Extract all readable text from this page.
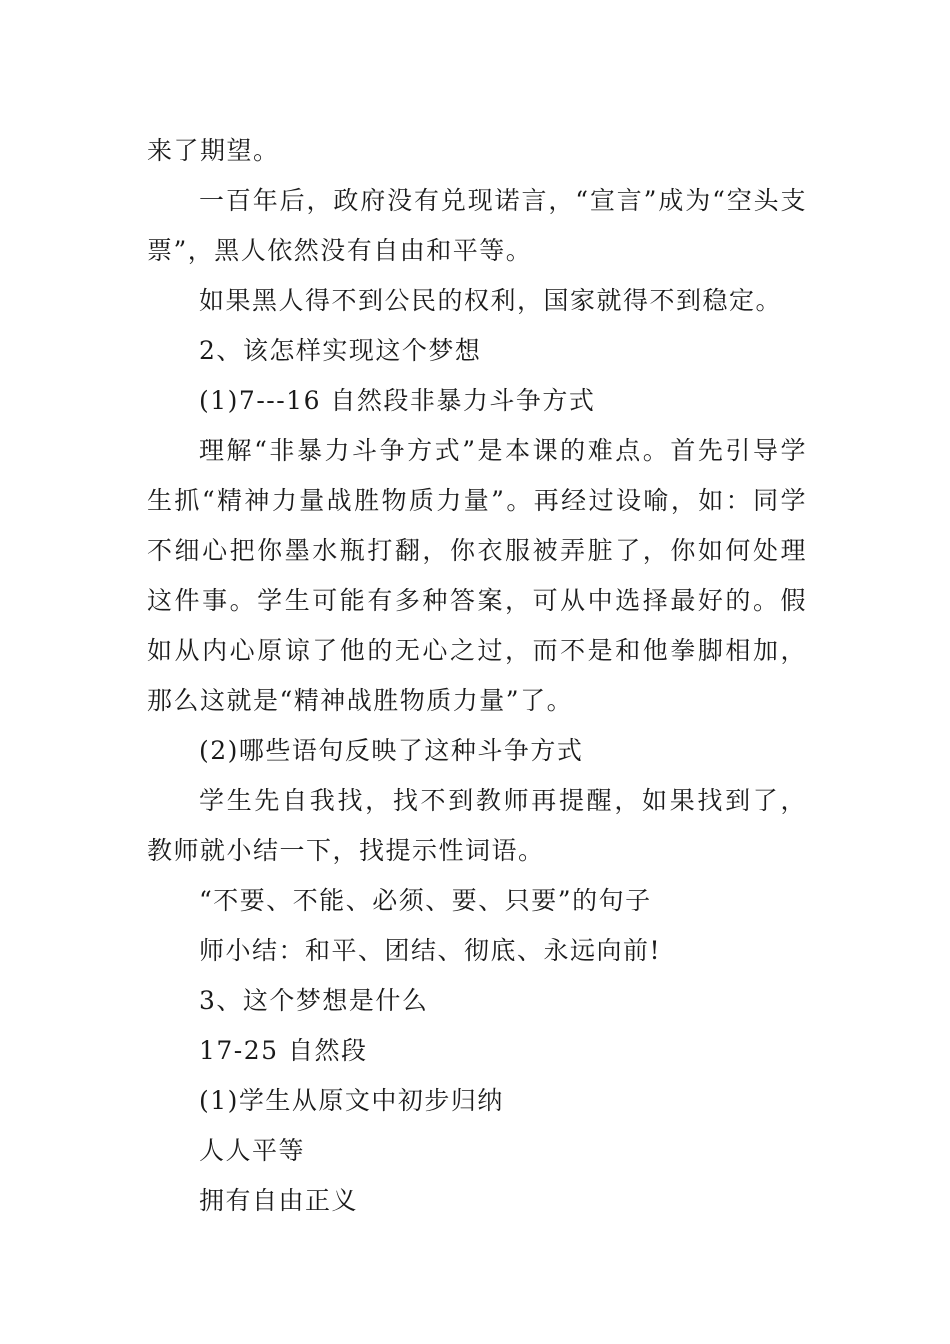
来了期望。

一百年后，政府没有兑现诺言，“宣言”成为“空头支票”，黑人依然没有自由和平等。

如果黑人得不到公民的权利，国家就得不到稳定。

2、该怎样实现这个梦想

(1)7---16 自然段非暴力斗争方式

理解“非暴力斗争方式”是本课的难点。首先引导学生抓“精神力量战胜物质力量”。再经过设喻，如：同学不细心把你墨水瓶打翻，你衣服被弄脏了，你如何处理这件事。学生可能有多种答案，可从中选择最好的。假如从内心原谅了他的无心之过，而不是和他拳脚相加，那么这就是“精神战胜物质力量”了。

(2)哪些语句反映了这种斗争方式

学生先自我找，找不到教师再提醒，如果找到了，教师就小结一下，找提示性词语。

“不要、不能、必须、要、只要”的句子

师小结：和平、团结、彻底、永远向前!

3、这个梦想是什么

17-25 自然段

(1)学生从原文中初步归纳

人人平等

拥有自由正义
